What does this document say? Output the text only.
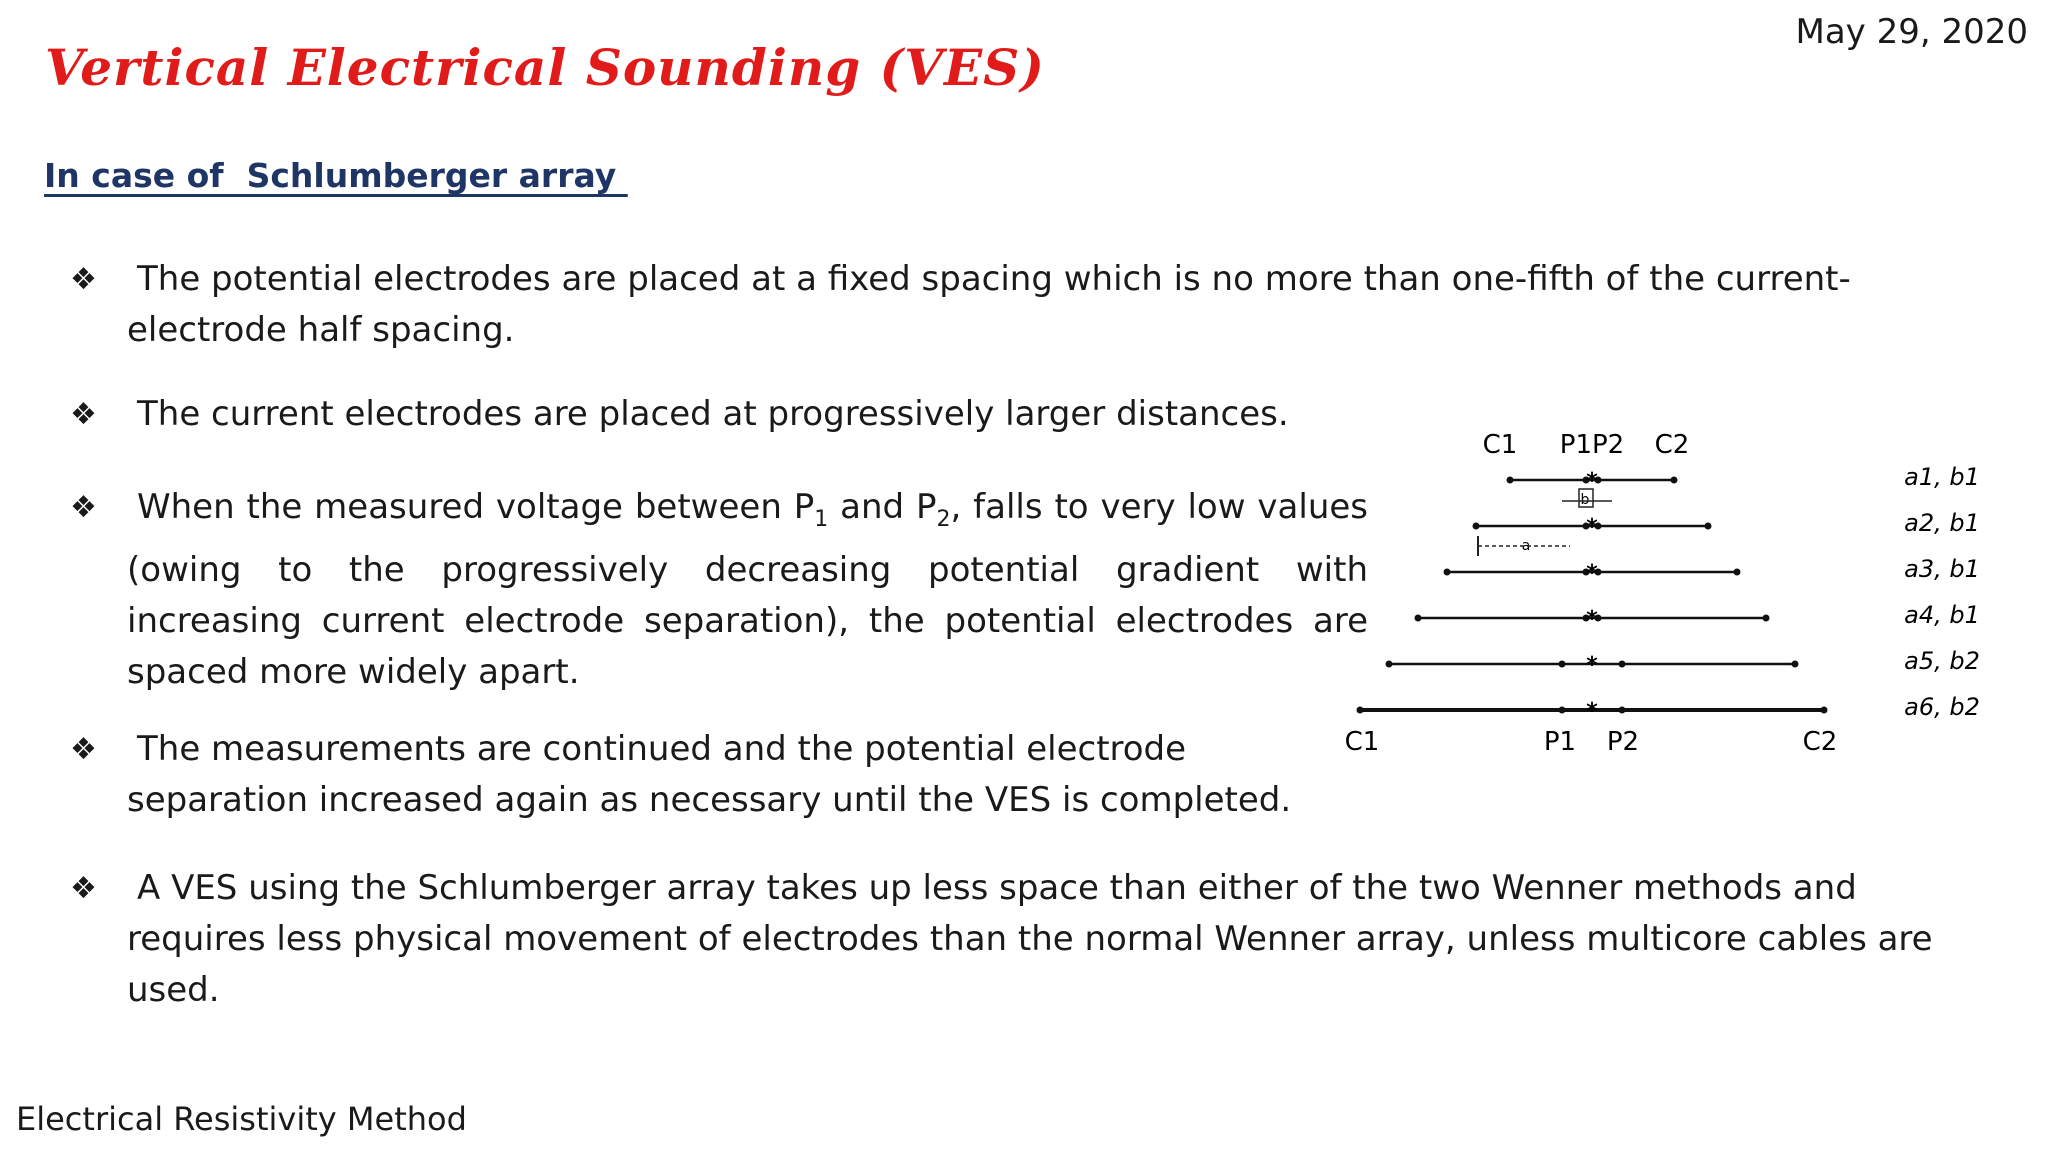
May 29, 2020
Vertical Electrical Sounding (VES)
In case of  Schlumberger array
❖	The potential electrodes are placed at a fixed spacing which is no more than one-fifth of the current-electrode half spacing.
❖	The current electrodes are placed at progressively larger distances.
❖	When the measured voltage between $P_1$ and $P_2$, falls to very low values (owing to the progressively decreasing potential gradient with increasing current electrode separation), the potential electrodes are spaced more widely apart.
❖	The measurements are continued and the potential electrode separation increased again as necessary until the VES is completed.
❖	A VES using the Schlumberger array takes up less space than either of the two Wenner methods and requires less physical movement of electrodes than the normal Wenner array, unless multicore cables are used.
C1 P1P2 C2
a
b
*
*
*
*
*
*
C1	P1 P2	C2
a1, b1
a2, b1
a3, b1
a4, b1
a5, b2
a6, b2
Electrical Resistivity Method
